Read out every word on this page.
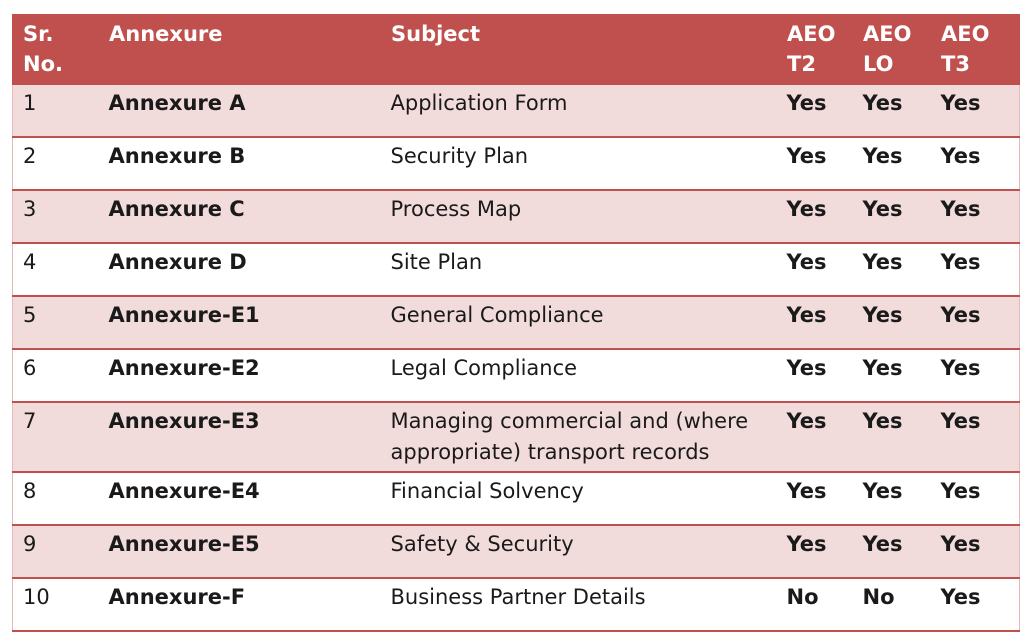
Sr. No.	Annexure	Subject	AEO T2	AEO LO	AEO T3
1	Annexure A	Application Form	Yes	Yes	Yes
2	Annexure B	Security Plan	Yes	Yes	Yes
3	Annexure C	Process Map	Yes	Yes	Yes
4	Annexure D	Site Plan	Yes	Yes	Yes
5	Annexure-E1	General Compliance	Yes	Yes	Yes
6	Annexure-E2	Legal Compliance	Yes	Yes	Yes
7	Annexure-E3	Managing commercial and (where appropriate) transport records	Yes	Yes	Yes
8	Annexure-E4	Financial Solvency	Yes	Yes	Yes
9	Annexure-E5	Safety & Security	Yes	Yes	Yes
10	Annexure-F	Business Partner Details	No	No	Yes
